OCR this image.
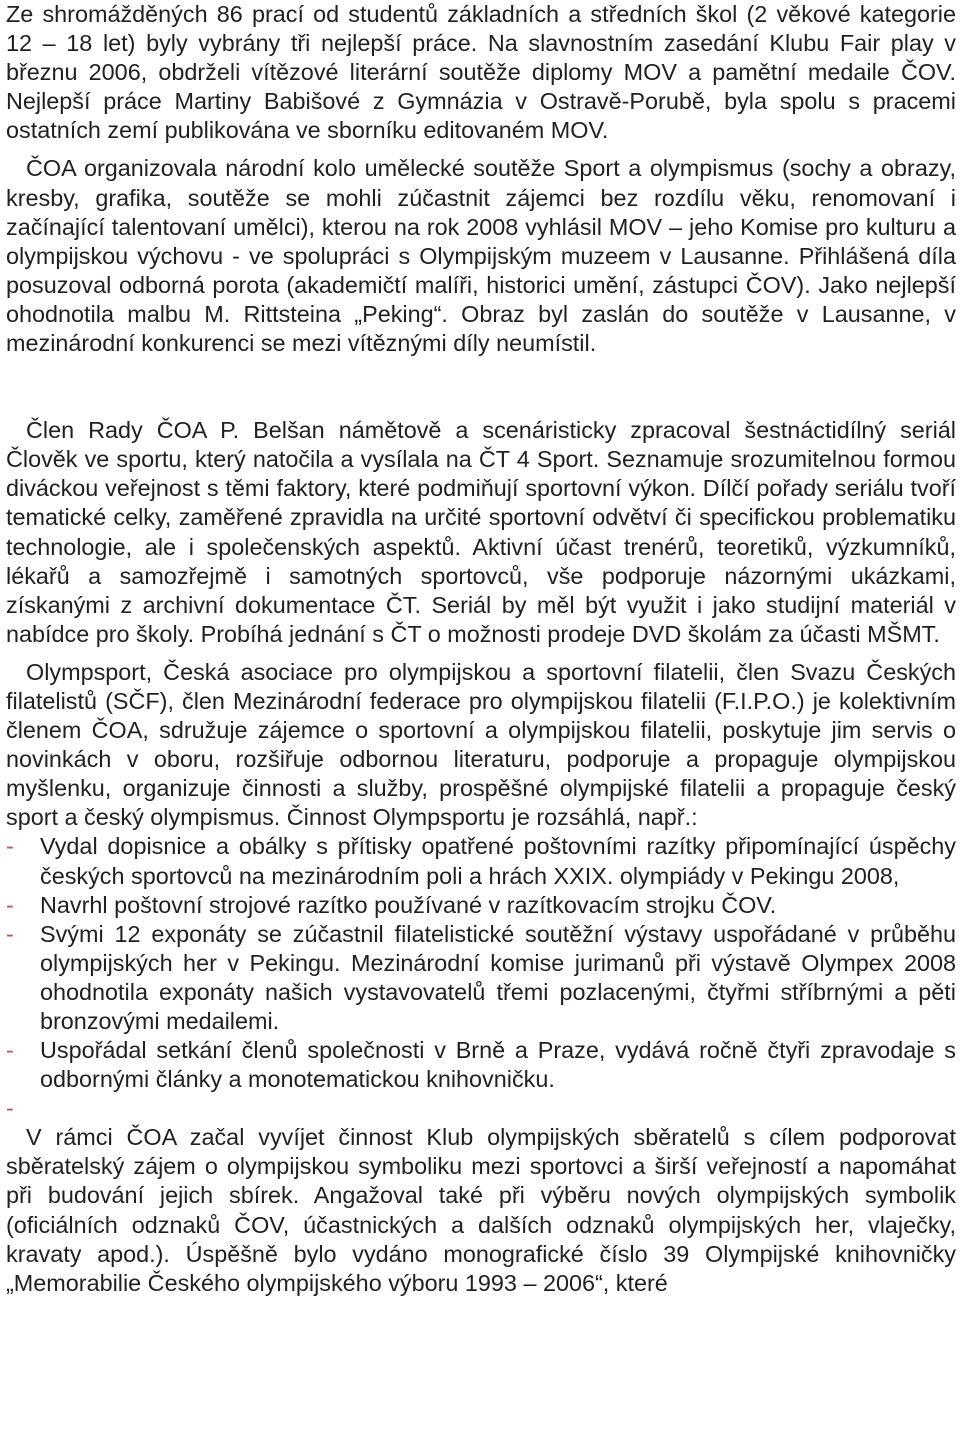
Ze shromážděných 86 prací od studentů základních a středních škol (2 věkové kategorie 12 – 18 let) byly vybrány tři nejlepší práce. Na slavnostním zasedání Klubu Fair play v březnu 2006, obdrželi vítězové literární soutěže diplomy MOV a pamětní medaile ČOV. Nejlepší práce Martiny Babišové z Gymnázia v Ostravě-Porubě, byla spolu s pracemi ostatních zemí publikována ve sborníku editovaném MOV.

ČOA organizovala národní kolo umělecké soutěže Sport a olympismus (sochy a obrazy, kresby, grafika, soutěže se mohli zúčastnit zájemci bez rozdílu věku, renomovaní i začínající talentovaní umělci), kterou na rok 2008 vyhlásil MOV – jeho Komise pro kulturu a olympijskou výchovu - ve spolupráci s Olympijským muzeem v Lausanne. Přihlášená díla posuzoval odborná porota (akademičtí malíři, historici umění, zástupci ČOV). Jako nejlepší ohodnotila malbu M. Rittsteina „Peking“. Obraz byl zaslán do soutěže v Lausanne, v mezinárodní konkurenci se mezi vítěznými díly neumístil.

Člen Rady ČOA P. Belšan námětově a scenáristicky zpracoval šestnáctidílný seriál Člověk ve sportu, který natočila a vysílala na ČT 4 Sport. Seznamuje srozumitelnou formou diváckou veřejnost s těmi faktory, které podmiňují sportovní výkon. Dílčí pořady seriálu tvoří tematické celky, zaměřené zpravidla na určité sportovní odvětví či specifickou problematiku technologie, ale i společenských aspektů. Aktivní účast trenérů, teoretiků, výzkumníků, lékařů a samozřejmě i samotných sportovců, vše podporuje názornými ukázkami, získanými z archivní dokumentace ČT. Seriál by měl být využit i jako studijní materiál v nabídce pro školy. Probíhá jednání s ČT o možnosti prodeje DVD školám za účasti MŠMT.

Olympsport, Česká asociace pro olympijskou a sportovní filatelii, člen Svazu Českých filatelistů (SČF), člen Mezinárodní federace pro olympijskou filatelii (F.I.P.O.) je kolektivním členem ČOA, sdružuje zájemce o sportovní a olympijskou filatelii, poskytuje jim servis o novinkách v oboru, rozšiřuje odbornou literaturu, podporuje a propaguje olympijskou myšlenku, organizuje činnosti a služby, prospěšné olympijské filatelii a propaguje český sport a český olympismus. Činnost Olympsportu je rozsáhlá, např.:

- Vydal dopisnice a obálky s přítisky opatřené poštovními razítky připomínající úspěchy českých sportovců na mezinárodním poli a hrách XXIX. olympiády v Pekingu 2008,
- Navrhl poštovní strojové razítko používané v razítkovacím strojku ČOV.
- Svými 12 exponáty se zúčastnil filatelistické soutěžní výstavy uspořádané v průběhu olympijských her v Pekingu. Mezinárodní komise jurimanů při výstavě Olympex 2008 ohodnotila exponáty našich vystavovatelů třemi pozlacenými, čtyřmi stříbrnými a pěti bronzovými medailemi.
- Uspořádal setkání členů společnosti v Brně a Praze, vydává ročně čtyři zpravodaje s odbornými články a monotematickou knihovničku.
-

V rámci ČOA začal vyvíjet činnost Klub olympijských sběratelů s cílem podporovat sběratelský zájem o olympijskou symboliku mezi sportovci a širší veřejností a napomáhat při budování jejich sbírek. Angažoval také při výběru nových olympijských symbolik (oficiálních odznaků ČOV, účastnických a dalších odznaků olympijských her, vlaječky, kravaty apod.). Úspěšně bylo vydáno monografické číslo 39 Olympijské knihovničky „Memorabilie Českého olympijského výboru 1993 – 2006“, které
